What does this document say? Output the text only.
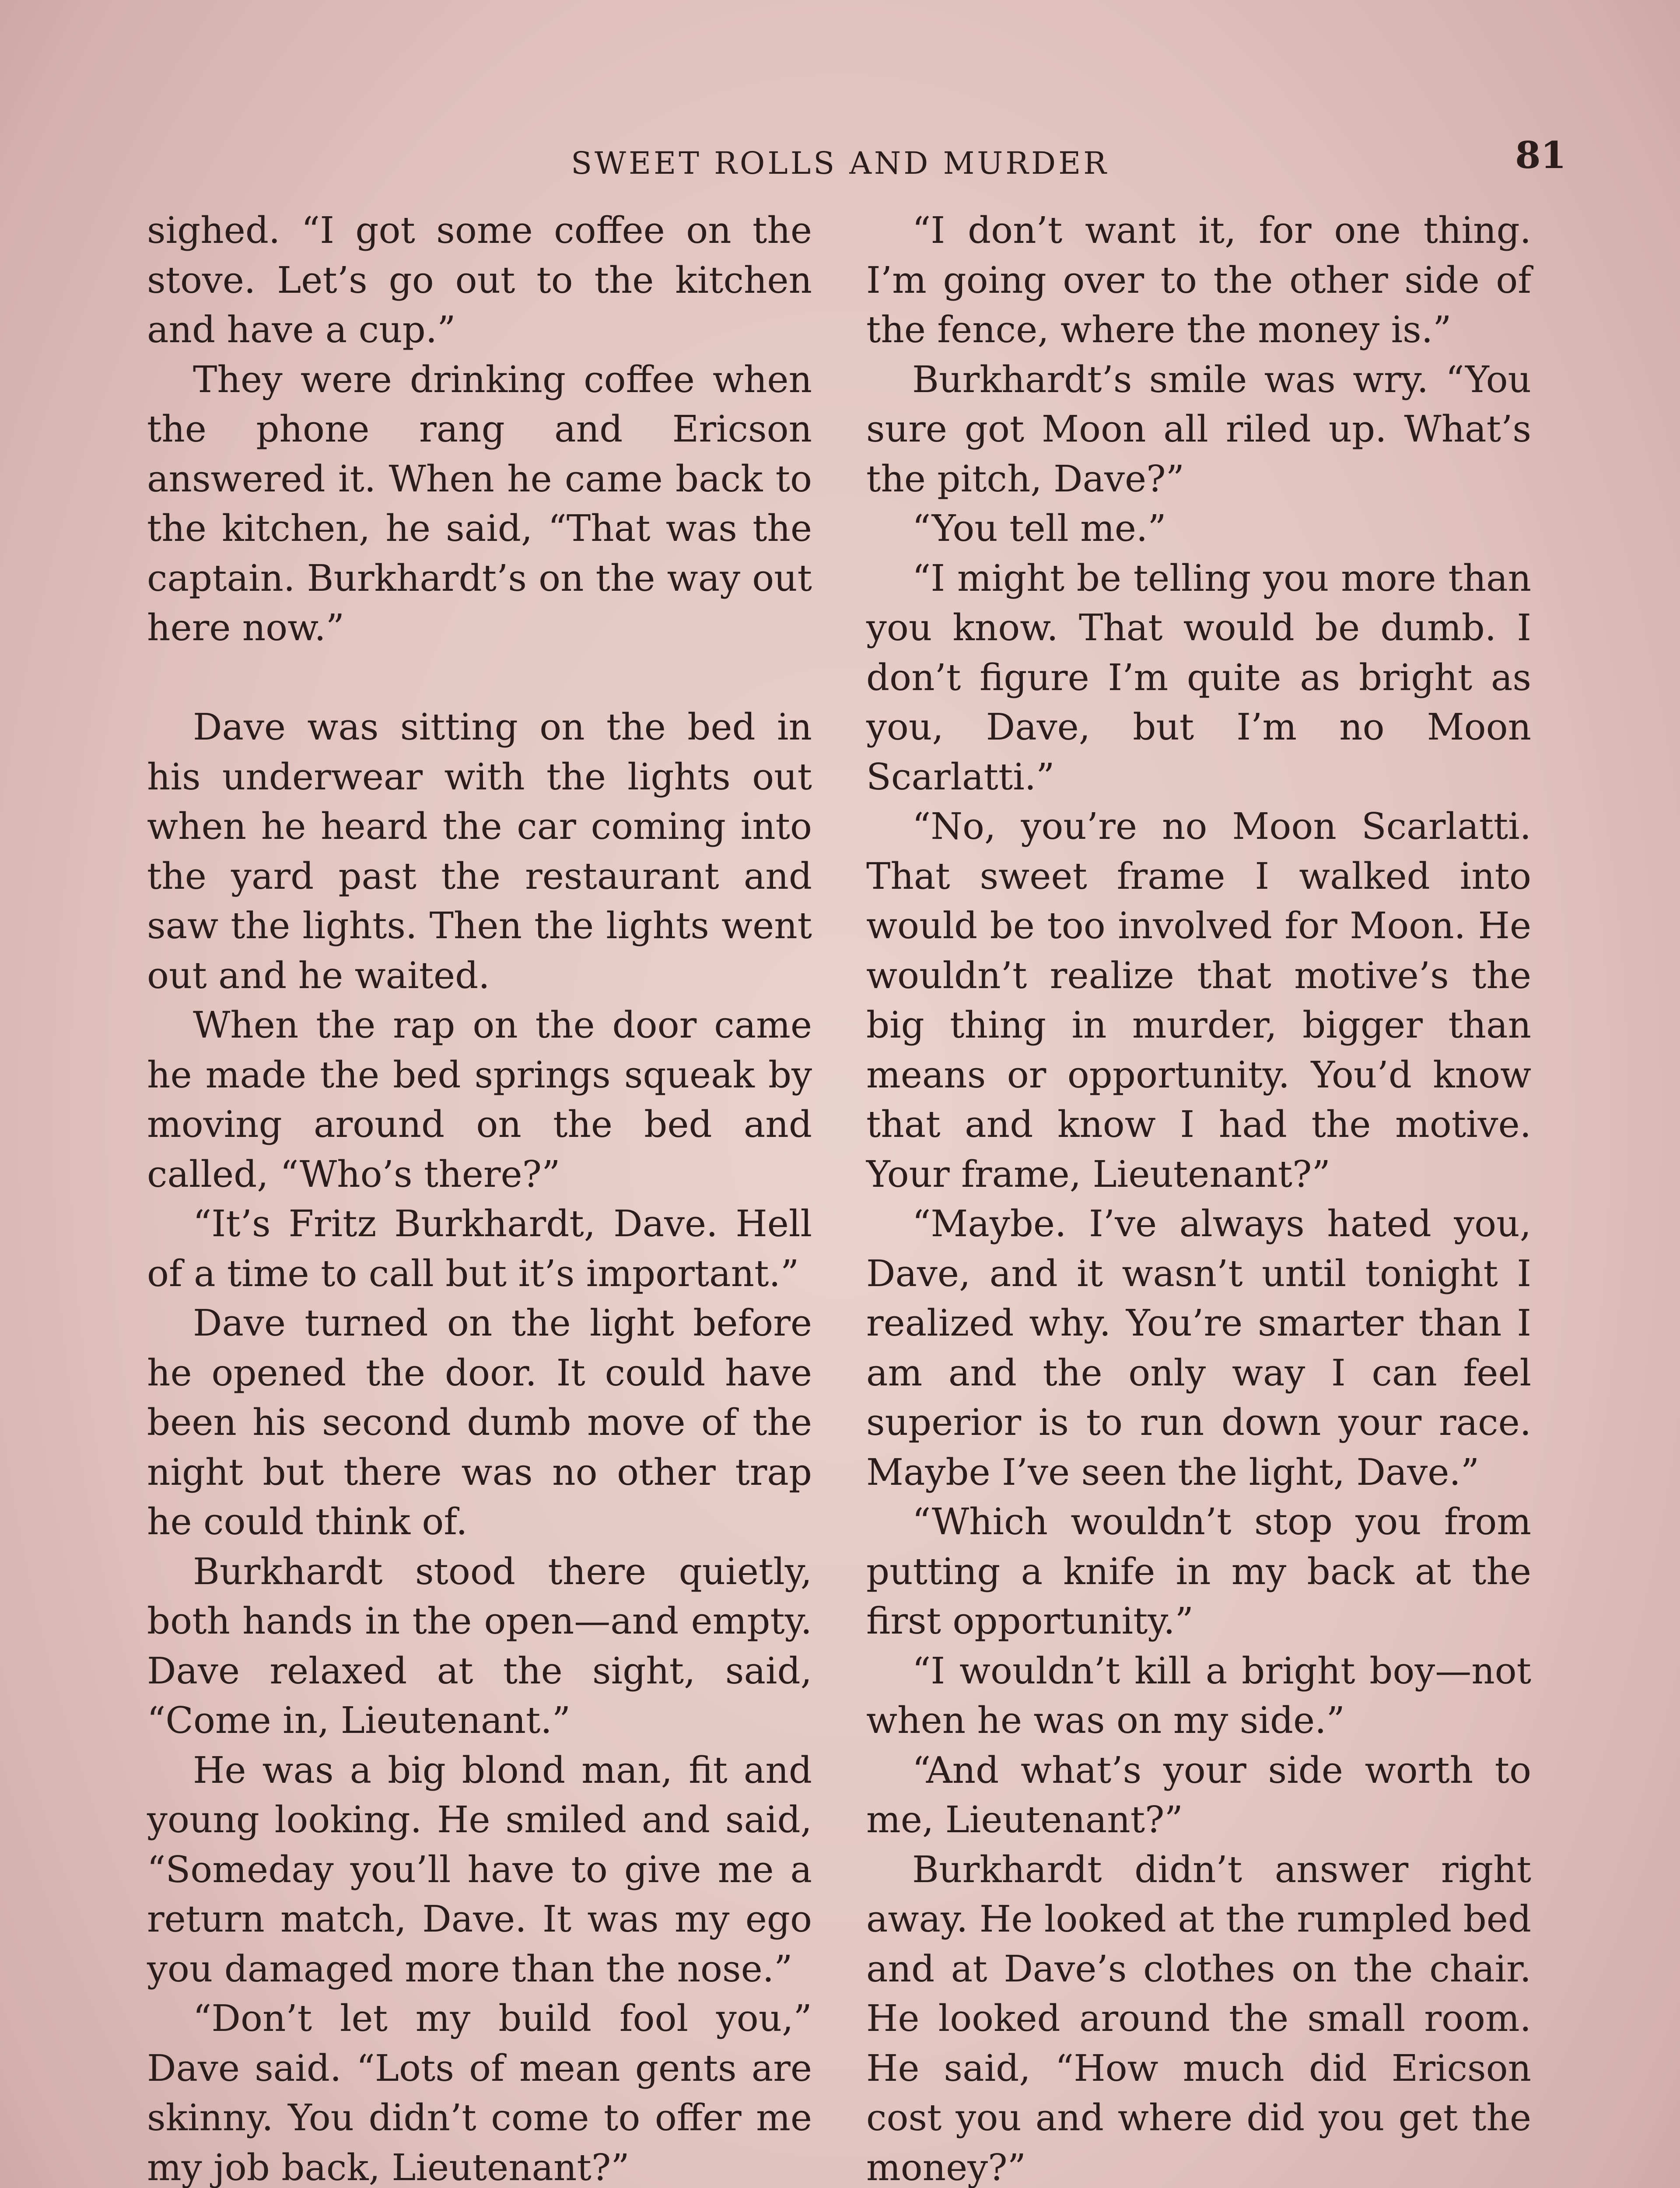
SWEET ROLLS AND MURDER	81

sighed. “I got some coffee on the stove. Let’s go out to the kitchen and have a cup.”

They were drinking coffee when the phone rang and Ericson answered it. When he came back to the kitchen, he said, “That was the captain. Burkhardt’s on the way out here now.”

Dave was sitting on the bed in his underwear with the lights out when he heard the car coming into the yard past the restaurant and saw the lights. Then the lights went out and he waited.

When the rap on the door came he made the bed springs squeak by moving around on the bed and called, “Who’s there?”

“It’s Fritz Burkhardt, Dave. Hell of a time to call but it’s important.”

Dave turned on the light before he opened the door. It could have been his second dumb move of the night but there was no other trap he could think of.

Burkhardt stood there quietly, both hands in the open—and empty. Dave relaxed at the sight, said, “Come in, Lieutenant.”

He was a big blond man, fit and young looking. He smiled and said, “Someday you’ll have to give me a return match, Dave. It was my ego you damaged more than the nose.”

“Don’t let my build fool you,” Dave said. “Lots of mean gents are skinny. You didn’t come to offer me my job back, Lieutenant?”

“I don’t want it, for one thing. I’m going over to the other side of the fence, where the money is.”

Burkhardt’s smile was wry. “You sure got Moon all riled up. What’s the pitch, Dave?”

“You tell me.”

“I might be telling you more than you know. That would be dumb. I don’t figure I’m quite as bright as you, Dave, but I’m no Moon Scarlatti.”

“No, you’re no Moon Scarlatti. That sweet frame I walked into would be too involved for Moon. He wouldn’t realize that motive’s the big thing in murder, bigger than means or opportunity. You’d know that and know I had the motive. Your frame, Lieutenant?”

“Maybe. I’ve always hated you, Dave, and it wasn’t until tonight I realized why. You’re smarter than I am and the only way I can feel superior is to run down your race. Maybe I’ve seen the light, Dave.”

“Which wouldn’t stop you from putting a knife in my back at the first opportunity.”

“I wouldn’t kill a bright boy—not when he was on my side.”

“And what’s your side worth to me, Lieutenant?”

Burkhardt didn’t answer right away. He looked at the rumpled bed and at Dave’s clothes on the chair. He looked around the small room. He said, “How much did Ericson cost you and where did you get the money?”
